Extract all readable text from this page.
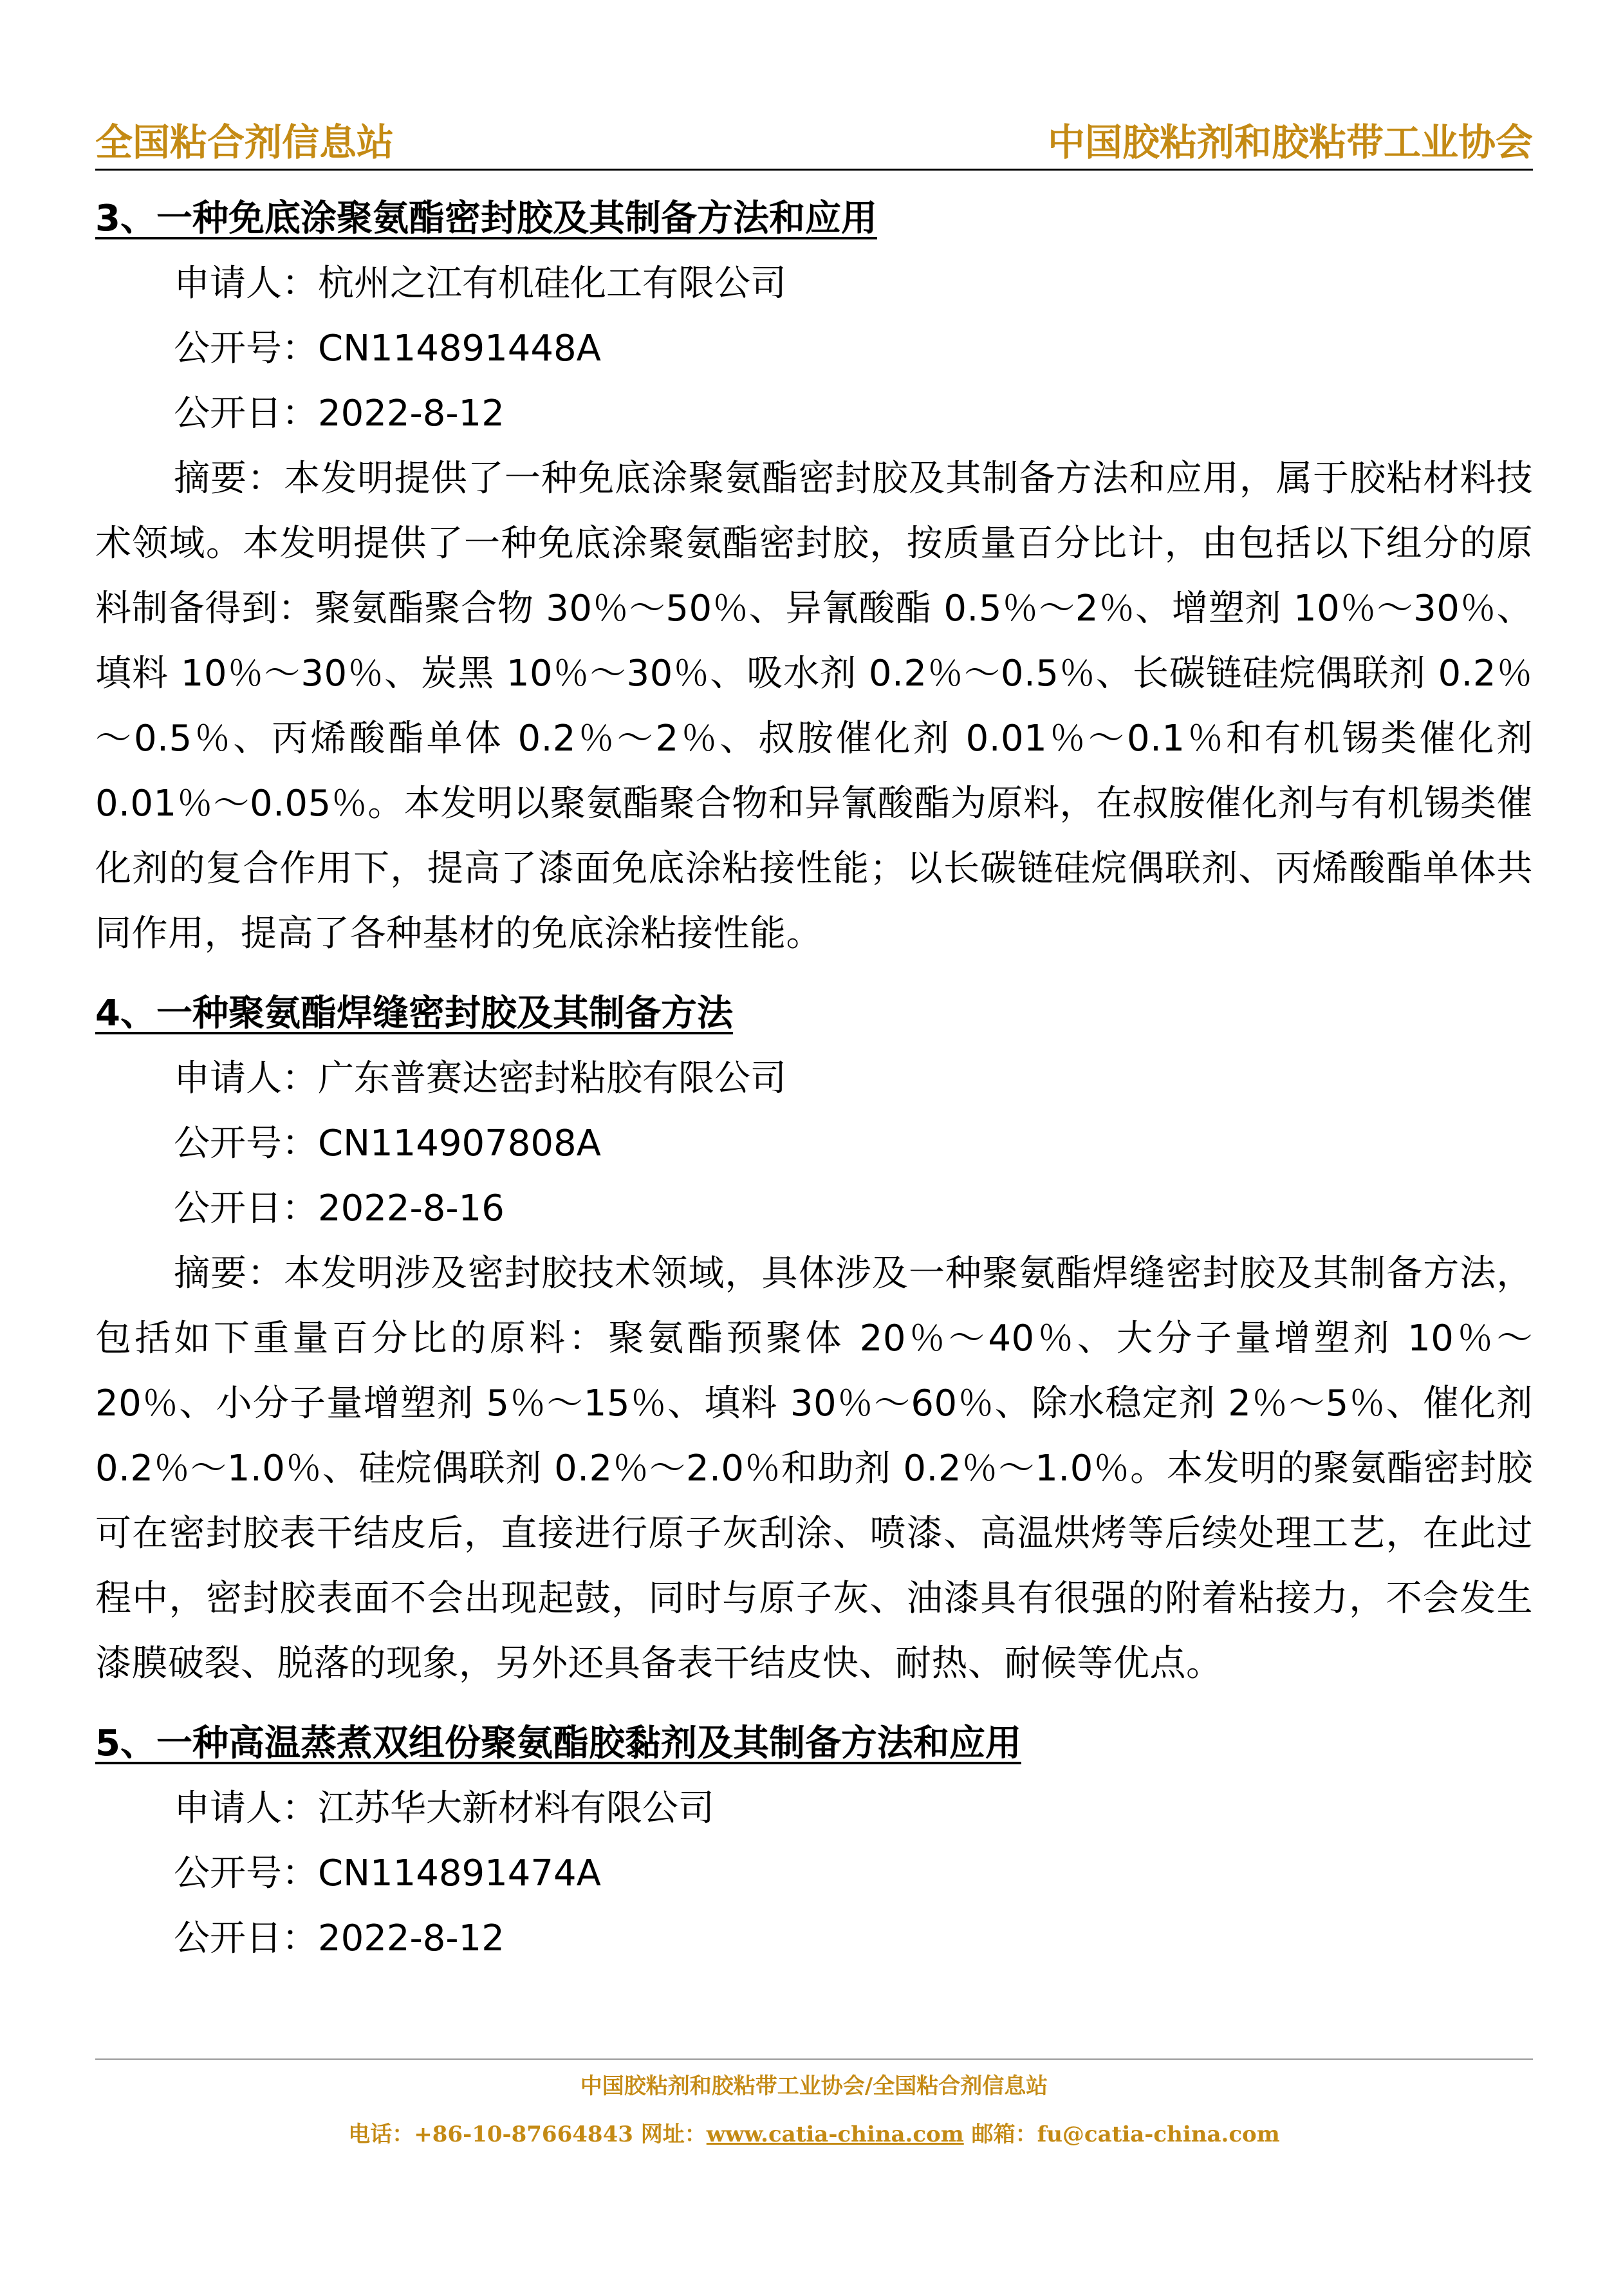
全国粘合剂信息站	中国胶粘剂和胶粘带工业协会

3、一种免底涂聚氨酯密封胶及其制备方法和应用

申请人：杭州之江有机硅化工有限公司

公开号：CN114891448A

公开日：2022-8-12

摘要：本发明提供了一种免底涂聚氨酯密封胶及其制备方法和应用，属于胶粘材料技术领域。本发明提供了一种免底涂聚氨酯密封胶，按质量百分比计，由包括以下组分的原料制备得到：聚氨酯聚合物 30％～50％、异氰酸酯 0.5％～2％、增塑剂 10％～30％、填料 10％～30％、炭黑 10％～30％、吸水剂 0.2％～0.5％、长碳链硅烷偶联剂 0.2％～0.5％、丙烯酸酯单体 0.2％～2％、叔胺催化剂 0.01％～0.1％和有机锡类催化剂 0.01％～0.05％。本发明以聚氨酯聚合物和异氰酸酯为原料，在叔胺催化剂与有机锡类催化剂的复合作用下，提高了漆面免底涂粘接性能；以长碳链硅烷偶联剂、丙烯酸酯单体共同作用，提高了各种基材的免底涂粘接性能。

4、一种聚氨酯焊缝密封胶及其制备方法

申请人：广东普赛达密封粘胶有限公司

公开号：CN114907808A

公开日：2022-8-16

摘要：本发明涉及密封胶技术领域，具体涉及一种聚氨酯焊缝密封胶及其制备方法，包括如下重量百分比的原料：聚氨酯预聚体 20％～40％、大分子量增塑剂 10％～20％、小分子量增塑剂 5％～15％、填料 30％～60％、除水稳定剂 2％～5％、催化剂 0.2％～1.0％、硅烷偶联剂 0.2％～2.0％和助剂 0.2％～1.0％。本发明的聚氨酯密封胶可在密封胶表干结皮后，直接进行原子灰刮涂、喷漆、高温烘烤等后续处理工艺，在此过程中，密封胶表面不会出现起鼓，同时与原子灰、油漆具有很强的附着粘接力，不会发生漆膜破裂、脱落的现象，另外还具备表干结皮快、耐热、耐候等优点。

5、一种高温蒸煮双组份聚氨酯胶黏剂及其制备方法和应用

申请人：江苏华大新材料有限公司

公开号：CN114891474A

公开日：2022-8-12

中国胶粘剂和胶粘带工业协会/全国粘合剂信息站
电话：+86-10-87664843 网址：www.catia-china.com 邮箱：fu@catia-china.com
